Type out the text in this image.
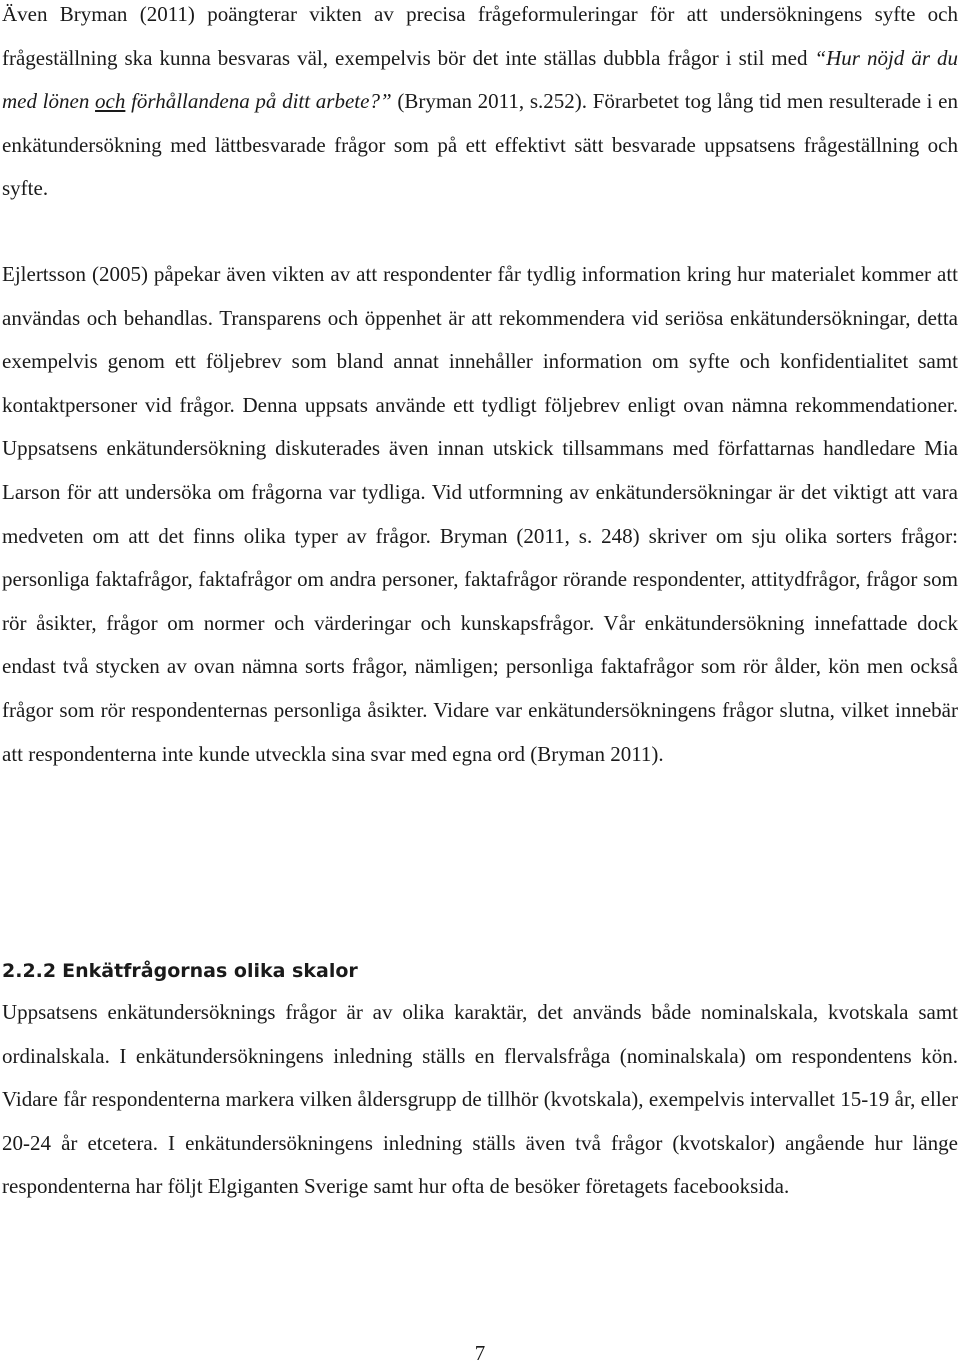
Även Bryman (2011) poängterar vikten av precisa frågeformuleringar för att undersökningens syfte och frågeställning ska kunna besvaras väl, exempelvis bör det inte ställas dubbla frågor i stil med “Hur nöjd är du med lönen och förhållandena på ditt arbete?” (Bryman 2011, s.252). Förarbetet tog lång tid men resulterade i en enkätundersökning med lättbesvarade frågor som på ett effektivt sätt besvarade uppsatsens frågeställning och syfte.

Ejlertsson (2005) påpekar även vikten av att respondenter får tydlig information kring hur materialet kommer att användas och behandlas. Transparens och öppenhet är att rekommendera vid seriösa enkätundersökningar, detta exempelvis genom ett följebrev som bland annat innehåller information om syfte och konfidentialitet samt kontaktpersoner vid frågor. Denna uppsats använde ett tydligt följebrev enligt ovan nämna rekommendationer. Uppsatsens enkätundersökning diskuterades även innan utskick tillsammans med författarnas handledare Mia Larson för att undersöka om frågorna var tydliga. Vid utformning av enkätundersökningar är det viktigt att vara medveten om att det finns olika typer av frågor. Bryman (2011, s. 248) skriver om sju olika sorters frågor: personliga faktafrågor, faktafrågor om andra personer, faktafrågor rörande respondenter, attitydfrågor, frågor som rör åsikter, frågor om normer och värderingar och kunskapsfrågor. Vår enkätundersökning innefattade dock endast två stycken av ovan nämna sorts frågor, nämligen; personliga faktafrågor som rör ålder, kön men också frågor som rör respondenternas personliga åsikter. Vidare var enkätundersökningens frågor slutna, vilket innebär att respondenterna inte kunde utveckla sina svar med egna ord (Bryman 2011).

2.2.2 Enkätfrågornas olika skalor

Uppsatsens enkätundersöknings frågor är av olika karaktär, det används både nominalskala, kvotskala samt ordinalskala. I enkätundersökningens inledning ställs en flervalsfråga (nominalskala) om respondentens kön. Vidare får respondenterna markera vilken åldersgrupp de tillhör (kvotskala), exempelvis intervallet 15-19 år, eller 20-24 år etcetera. I enkätundersökningens inledning ställs även två frågor (kvotskalor) angående hur länge respondenterna har följt Elgiganten Sverige samt hur ofta de besöker företagets facebooksida.

7
